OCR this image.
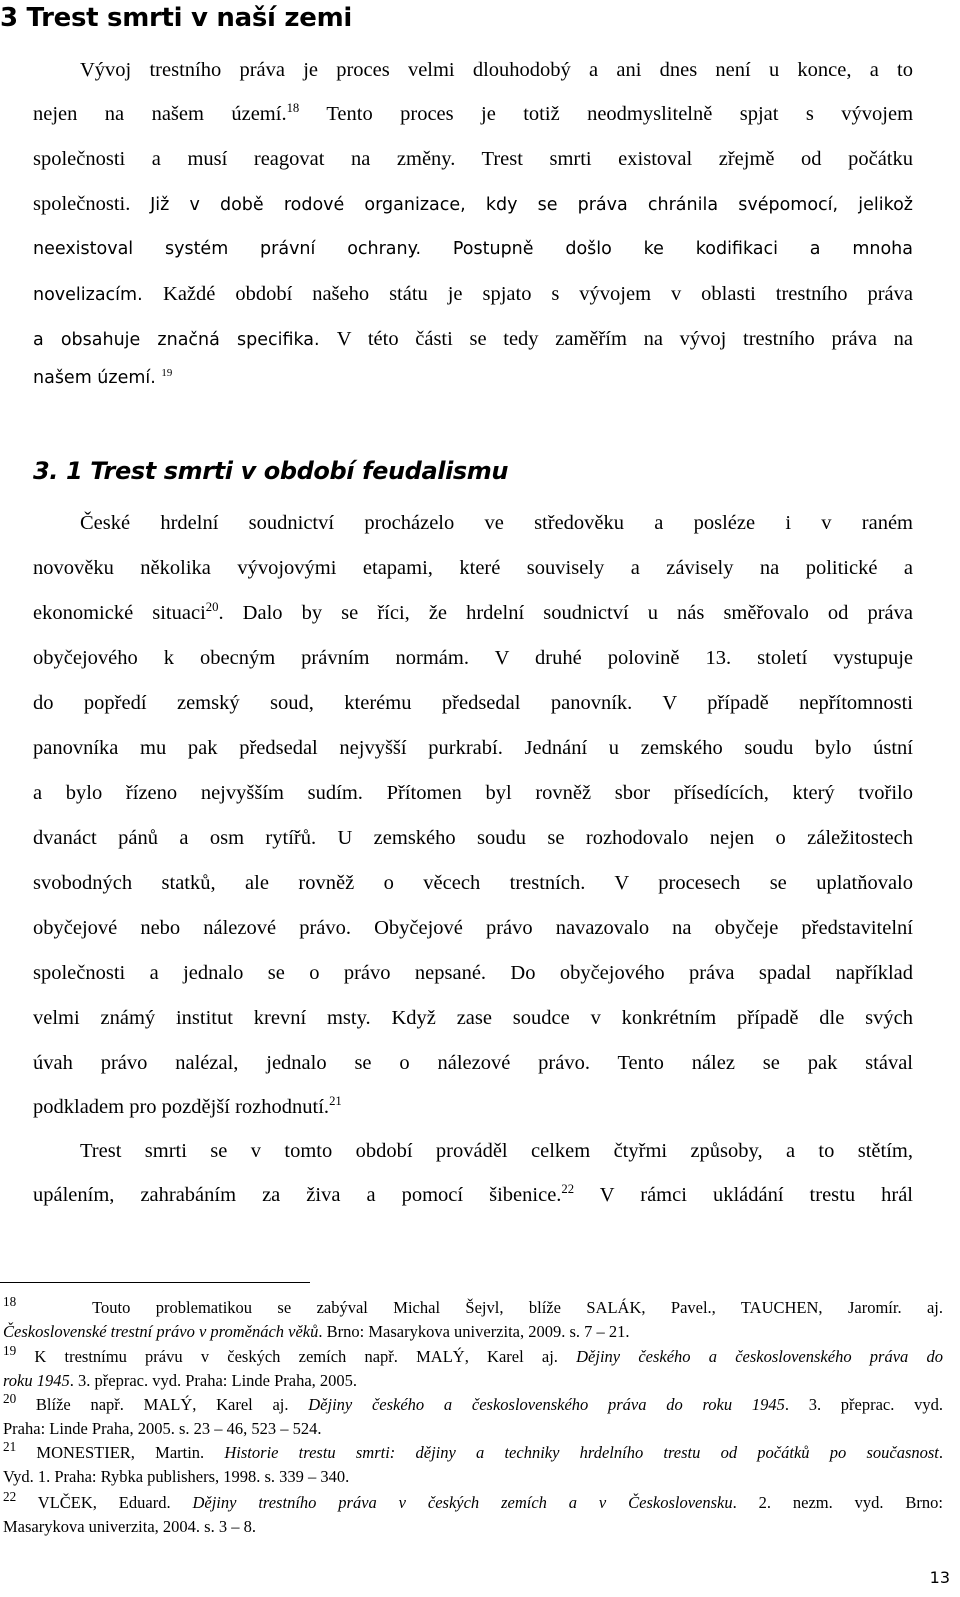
3 Trest smrti v naší zemi

Vývoj trestního práva je proces velmi dlouhodobý a ani dnes není u konce, a to

nejen na našem území.$^{18}$ Tento proces je totiž neodmyslitelně spjat s vývojem

společnosti a musí reagovat na změny. Trest smrti existoval zřejmě od počátku

společnosti. Již v době rodové organizace, kdy se práva chránila svépomocí, jelikož

neexistoval systém právní ochrany. Postupně došlo ke kodifikaci a mnoha

novelizacím. Každé období našeho státu je spjato s vývojem v oblasti trestního práva

a obsahuje značná specifika. V této části se tedy zaměřím na vývoj trestního práva na

našem území. $^{19}$

3. 1 Trest smrti v období feudalismu

České hrdelní soudnictví procházelo ve středověku a posléze i v raném

novověku několika vývojovými etapami, které souvisely a závisely na politické a

ekonomické situaci$^{20}$. Dalo by se říci, že hrdelní soudnictví u nás směřovalo od práva

obyčejového k obecným právním normám. V druhé polovině 13. století vystupuje

do popředí zemský soud, kterému předsedal panovník. V případě nepřítomnosti

panovníka mu pak předsedal nejvyšší purkrabí. Jednání u zemského soudu bylo ústní

a bylo řízeno nejvyšším sudím. Přítomen byl rovněž sbor přísedících, který tvořilo

dvanáct pánů a osm rytířů. U zemského soudu se rozhodovalo nejen o záležitostech

svobodných statků, ale rovněž o věcech trestních. V procesech se uplatňovalo

obyčejové nebo nálezové právo. Obyčejové právo navazovalo na obyčeje představitelní

společnosti a jednalo se o právo nepsané. Do obyčejového práva spadal například

velmi známý institut krevní msty. Když zase soudce v konkrétním případě dle svých

úvah právo nalézal, jednalo se o nálezové právo. Tento nález se pak stával

podkladem pro pozdější rozhodnutí.$^{21}$

Trest smrti se v tomto období prováděl celkem čtyřmi způsoby, a to stětím,

upálením, zahrabáním za živa a pomocí šibenice.$^{22}$ V rámci ukládání trestu hrál

$^{18}$	Touto problematikou se zabýval Michal Šejvl, blíže SALÁK, Pavel., TAUCHEN, Jaromír. aj.

Československé trestní právo v proměnách věků. Brno: Masarykova univerzita, 2009. s. 7 – 21.

$^{19}$ K trestnímu právu v českých zemích např. MALÝ, Karel aj. Dějiny českého a československého práva do

roku 1945. 3. přeprac. vyd. Praha: Linde Praha, 2005.

$^{20}$ Blíže např. MALÝ, Karel aj. Dějiny českého a československého práva do roku 1945. 3. přeprac. vyd.

Praha: Linde Praha, 2005. s. 23 – 46, 523 – 524.

$^{21}$ MONESTIER, Martin. Historie trestu smrti: dějiny a techniky hrdelního trestu od počátků po současnost.

Vyd. 1. Praha: Rybka publishers, 1998. s. 339 – 340.

$^{22}$ VLČEK, Eduard. Dějiny trestního práva v českých zemích a v Československu. 2. nezm. vyd. Brno:

Masarykova univerzita, 2004. s. 3 – 8.

13
